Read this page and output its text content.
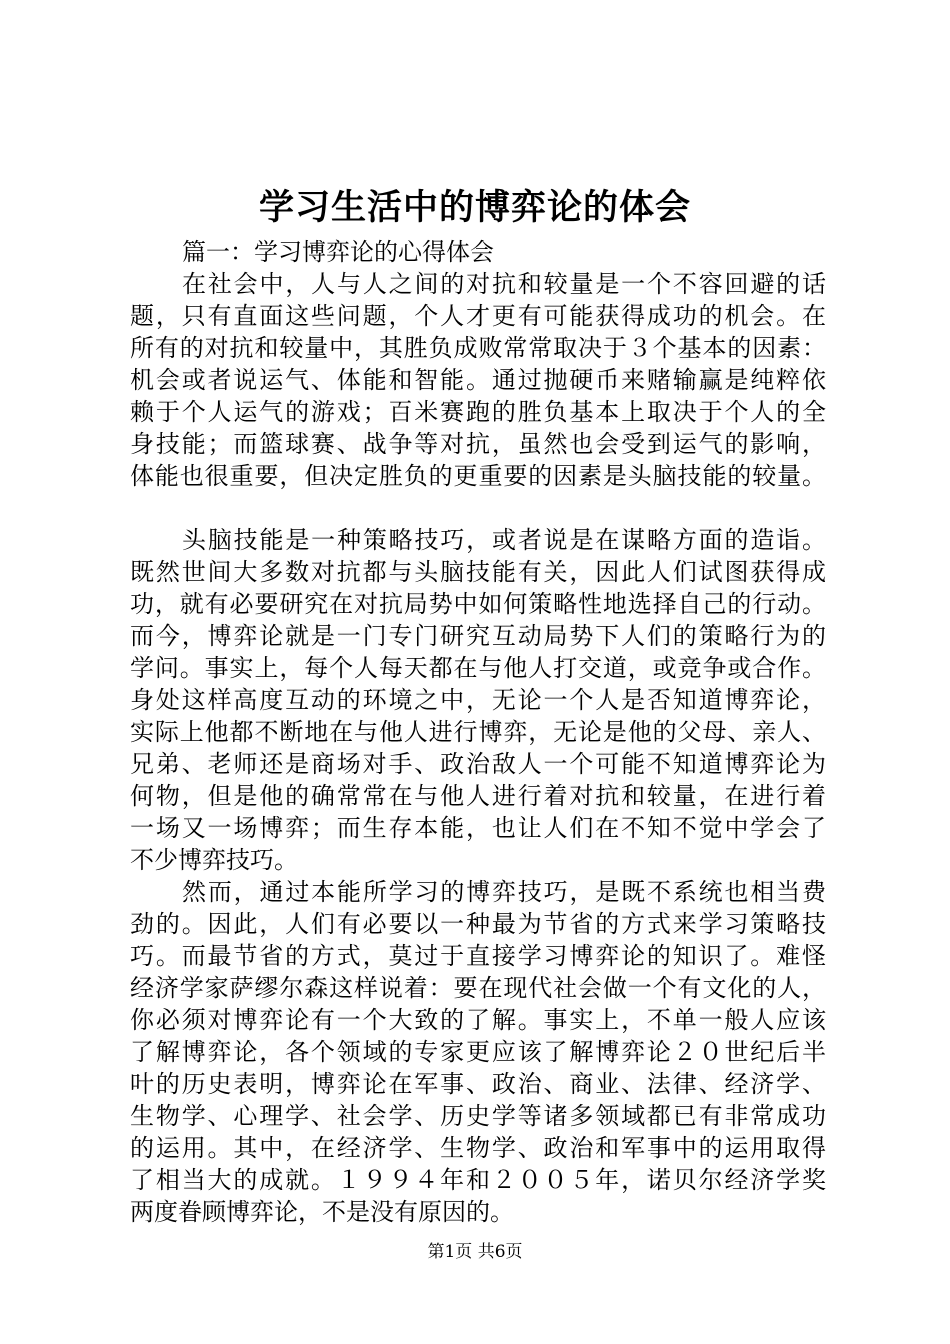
学习生活中的博弈论的体会
篇一：学习博弈论的心得体会
在社会中，人与人之间的对抗和较量是一个不容回避的话
题，只有直面这些问题，个人才更有可能获得成功的机会。在
所有的对抗和较量中，其胜负成败常常取决于３个基本的因素：
机会或者说运气、体能和智能。通过抛硬币来赌输赢是纯粹依
赖于个人运气的游戏；百米赛跑的胜负基本上取决于个人的全
身技能；而篮球赛、战争等对抗，虽然也会受到运气的影响，
体能也很重要，但决定胜负的更重要的因素是头脑技能的较量。
头脑技能是一种策略技巧，或者说是在谋略方面的造诣。
既然世间大多数对抗都与头脑技能有关，因此人们试图获得成
功，就有必要研究在对抗局势中如何策略性地选择自己的行动。
而今，博弈论就是一门专门研究互动局势下人们的策略行为的
学问。事实上，每个人每天都在与他人打交道，或竞争或合作。
身处这样高度互动的环境之中，无论一个人是否知道博弈论，
实际上他都不断地在与他人进行博弈，无论是他的父母、亲人、
兄弟、老师还是商场对手、政治敌人一个可能不知道博弈论为
何物，但是他的确常常在与他人进行着对抗和较量，在进行着
一场又一场博弈；而生存本能，也让人们在不知不觉中学会了
不少博弈技巧。
然而，通过本能所学习的博弈技巧，是既不系统也相当费
劲的。因此，人们有必要以一种最为节省的方式来学习策略技
巧。而最节省的方式，莫过于直接学习博弈论的知识了。难怪
经济学家萨缪尔森这样说着：要在现代社会做一个有文化的人，
你必须对博弈论有一个大致的了解。事实上，不单一般人应该
了解博弈论，各个领域的专家更应该了解博弈论２０世纪后半
叶的历史表明，博弈论在军事、政治、商业、法律、经济学、
生物学、心理学、社会学、历史学等诸多领域都已有非常成功
的运用。其中，在经济学、生物学、政治和军事中的运用取得
了相当大的成就。１９９４年和２００５年，诺贝尔经济学奖
两度眷顾博弈论，不是没有原因的。
第1页 共6页
